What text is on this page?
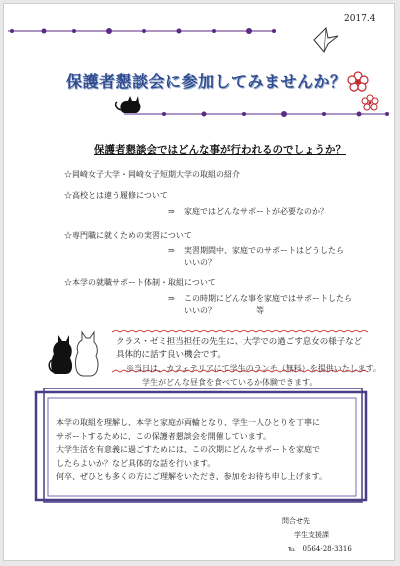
2017.4
保護者懇談会に参加してみませんか？
保護者懇談会ではどんな事が行われるのでしょうか？
☆岡崎女子大学・岡崎女子短期大学の取組の紹介
☆高校とは違う履修について
⇒ 家庭ではどんなサポートが必要なのか？
☆専門職に就くための実習について
⇒ 実習期間中、家庭でのサポートはどうしたら
いいの？
☆本学の就職サポート体制・取組について
⇒ この時期にどんな事を家庭ではサポートしたら
いいの？　　　　　等
クラス・ゼミ担当担任の先生に、大学での過ごす息女の様子など
具体的に話す良い機会です。
※当日は、カフェテリアにて学生のランチ（無料）を提供いたします。
学生がどんな昼食を食べているか体験できます。
本学の取組を理解し、本学と家庭が両輪となり、学生一人ひとりを丁寧に
サポートするために、この保護者懇談会を開催しています。
大学生活を有意義に過ごすためには、この次期にどんなサポートを家庭で
したらよいか？など具体的な話を行います。
何卒、ぜひとも多くの方にご理解をいただき、参加をお待ち申し上げます。
問合せ先
学生支援課
℡　0564-28-3316
